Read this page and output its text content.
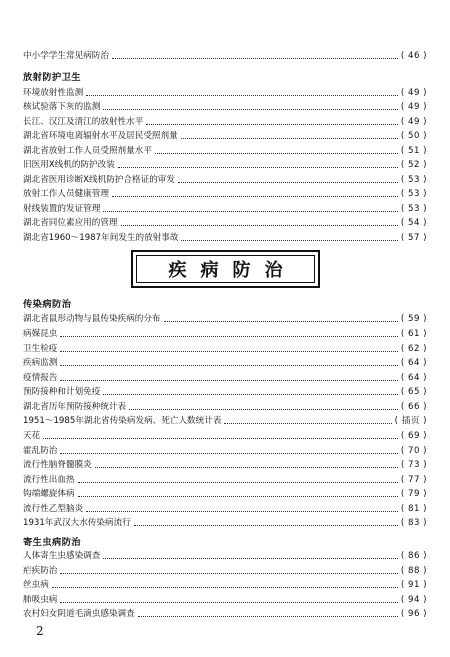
中小学学生常见病防治	( 46 )
放射防护卫生
环境放射性监测	( 49 )
核试验落下灰的监测	( 49 )
长江、汉江及清江的放射性水平	( 49 )
湖北省环境电离辐射水平及居民受照剂量	( 50 )
湖北省放射工作人员受照剂量水平	( 51 )
旧医用X线机的防护改装	( 52 )
湖北省医用诊断X线机防护合格证的审发	( 53 )
放射工作人员健康管理	( 53 )
射线装置的发证管理	( 53 )
湖北省同位素应用的管理	( 54 )
湖北省1960～1987年间发生的放射事故	( 57 )
疾病防治
传染病防治
湖北省鼠形动物与鼠传染疾病的分布	( 59 )
病媒昆虫	( 61 )
卫生检疫	( 62 )
疾病监测	( 64 )
疫情报告	( 64 )
预防接种和计划免疫	( 65 )
湖北省历年预防接种统计表	( 66 )
1951～1985年湖北省传染病发病、死亡人数统计表	( 插页 )
天花	( 69 )
霍乱防治	( 70 )
流行性脑脊髓膜炎	( 73 )
流行性出血热	( 77 )
钩端螺旋体病	( 79 )
流行性乙型脑炎	( 81 )
1931年武汉大水传染病流行	( 83 )
寄生虫病防治
人体寄生虫感染调查	( 86 )
疟疾防治	( 88 )
丝虫病	( 91 )
肺吸虫病	( 94 )
农村妇女阴道毛滴虫感染调查	( 96 )
2
